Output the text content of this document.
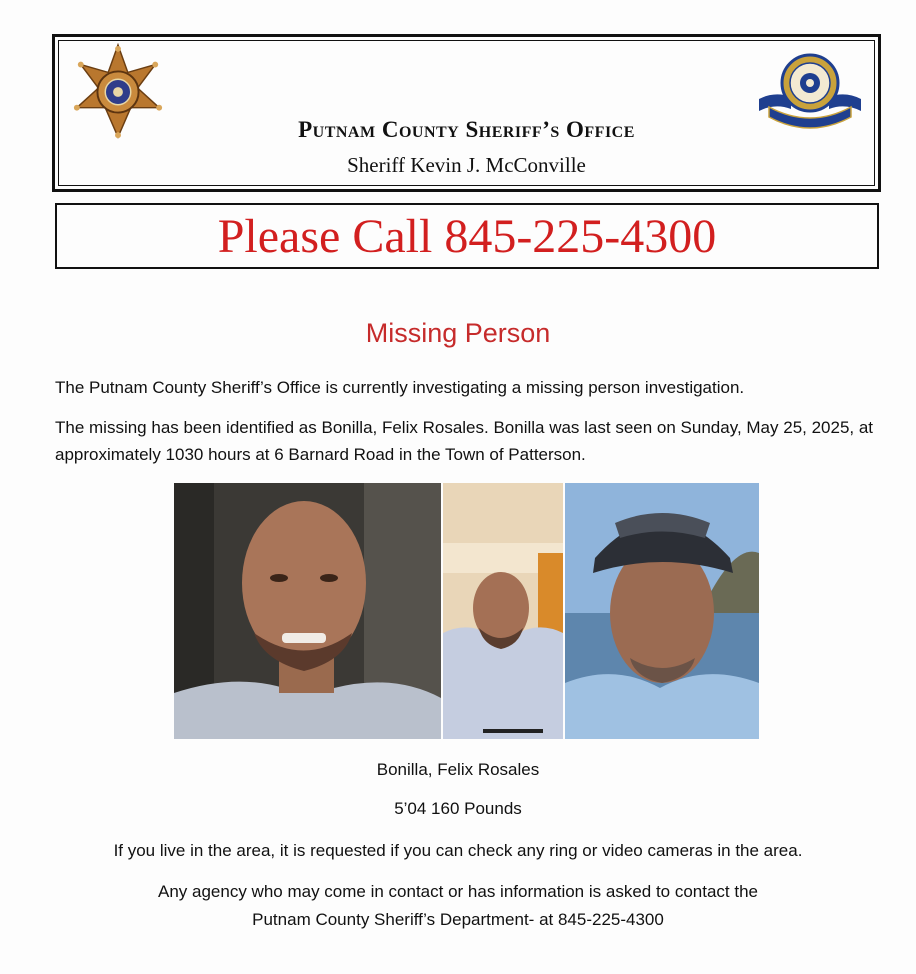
Putnam County Sheriff’s Office
Sheriff Kevin J. McConville
Please Call 845-225-4300
Missing Person
The Putnam County Sheriff’s Office is currently investigating a missing person investigation.
The missing has been identified as Bonilla, Felix Rosales. Bonilla was last seen on Sunday, May 25, 2025, at approximately 1030 hours at 6 Barnard Road in the Town of Patterson.
Bonilla, Felix Rosales
5’04 160 Pounds
If you live in the area, it is requested if you can check any ring or video cameras in the area.
Any agency who may come in contact or has information is asked to contact the Putnam County Sheriff’s Department- at 845-225-4300
